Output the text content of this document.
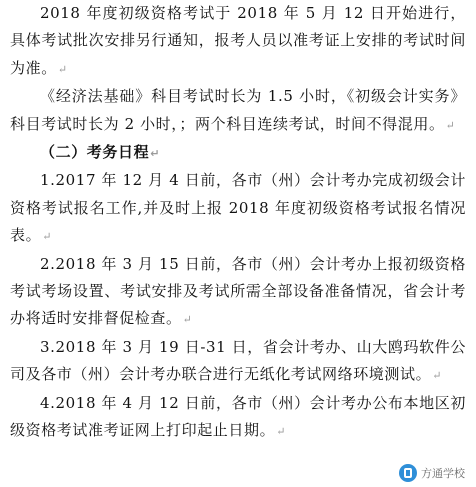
2018 年度初级资格考试于 2018 年 5 月 12 日开始进行，具体考试批次安排另行通知，报考人员以准考证上安排的考试时间为准。↵

《经济法基础》科目考试时长为 1.5 小时，《初级会计实务》科目考试时长为 2 小时，；两个科目连续考试，时间不得混用。↵

（二）考务日程↵

1.2017 年 12 月 4 日前，各市（州）会计考办完成初级会计资格考试报名工作,并及时上报 2018 年度初级资格考试报名情况表。↵

2.2018 年 3 月 15 日前，各市（州）会计考办上报初级资格考试考场设置、考试安排及考试所需全部设备准备情况，省会计考办将适时安排督促检查。↵

3.2018 年 3 月 19 日-31 日，省会计考办、山大鸥玛软件公司及各市（州）会计考办联合进行无纸化考试网络环境测试。↵

4.2018 年 4 月 12 日前，各市（州）会计考办公布本地区初级资格考试准考证网上打印起止日期。↵

方通学校
